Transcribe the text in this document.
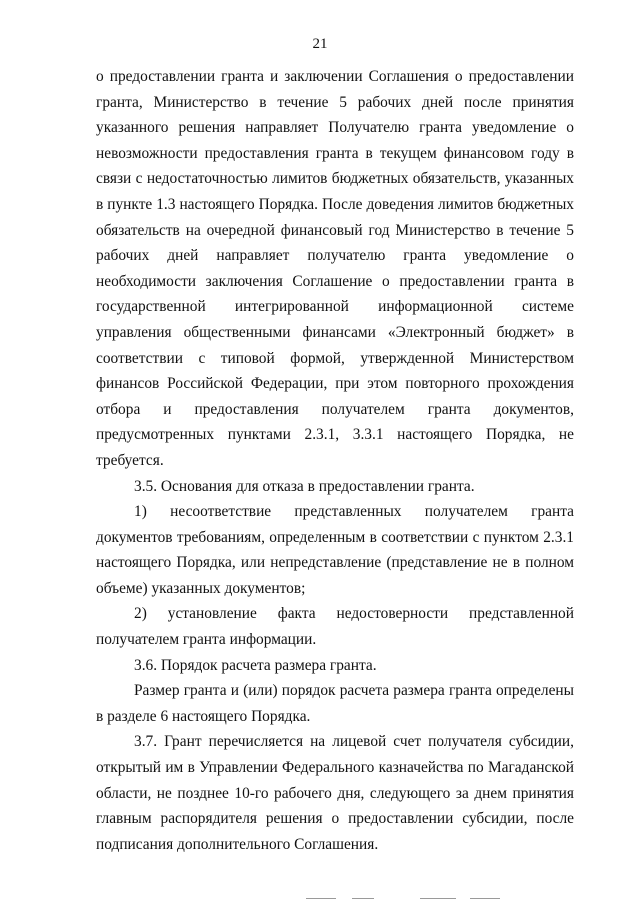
21

о предоставлении гранта и заключении Соглашения о предоставлении гранта, Министерство в течение 5 рабочих дней после принятия указанного решения направляет Получателю гранта уведомление о невозможности предоставления гранта в текущем финансовом году в связи с недостаточностью лимитов бюджетных обязательств, указанных в пункте 1.3 настоящего Порядка. После доведения лимитов бюджетных обязательств на очередной финансовый год Министерство в течение 5 рабочих дней направляет получателю гранта уведомление о необходимости заключения Соглашение о предоставлении гранта в государственной интегрированной информационной системе управления общественными финансами «Электронный бюджет» в соответствии с типовой формой, утвержденной Министерством финансов Российской Федерации, при этом повторного прохождения отбора и предоставления получателем гранта документов, предусмотренных пунктами 2.3.1, 3.3.1 настоящего Порядка, не требуется.

3.5. Основания для отказа в предоставлении гранта.

1) несоответствие представленных получателем гранта документов требованиям, определенным в соответствии с пунктом 2.3.1 настоящего Порядка, или непредставление (представление не в полном объеме) указанных документов;

2) установление факта недостоверности представленной получателем гранта информации.

3.6. Порядок расчета размера гранта.

Размер гранта и (или) порядок расчета размера гранта определены в разделе 6 настоящего Порядка.

3.7. Грант перечисляется на лицевой счет получателя субсидии, открытый им в Управлении Федерального казначейства по Магаданской области, не позднее 10-го рабочего дня, следующего за днем принятия главным распорядителя решения о предоставлении субсидии, после подписания дополнительного Соглашения.
